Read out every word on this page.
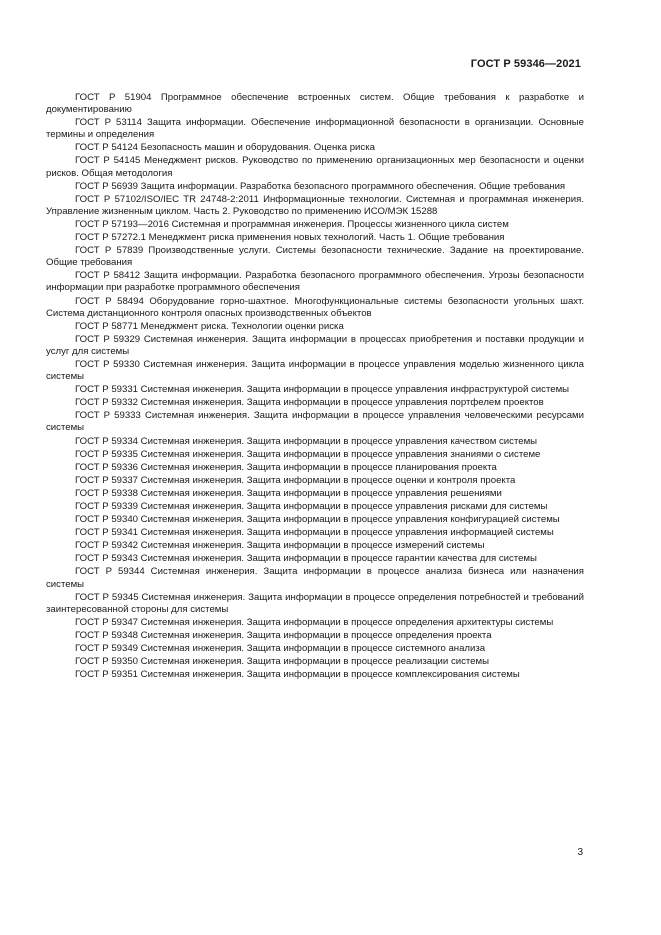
ГОСТ Р 59346—2021

ГОСТ Р 51904 Программное обеспечение встроенных систем. Общие требования к разработке и документированию

ГОСТ Р 53114 Защита информации. Обеспечение информационной безопасности в организации. Основные термины и определения

ГОСТ Р 54124 Безопасность машин и оборудования. Оценка риска

ГОСТ Р 54145 Менеджмент рисков. Руководство по применению организационных мер безопасности и оценки рисков. Общая методология

ГОСТ Р 56939 Защита информации. Разработка безопасного программного обеспечения. Общие требования

ГОСТ Р 57102/ISO/IEC TR 24748-2:2011 Информационные технологии. Системная и программная инженерия. Управление жизненным циклом. Часть 2. Руководство по применению ИСО/МЭК 15288

ГОСТ Р 57193—2016 Системная и программная инженерия. Процессы жизненного цикла систем

ГОСТ Р 57272.1 Менеджмент риска применения новых технологий. Часть 1. Общие требования

ГОСТ Р 57839 Производственные услуги. Системы безопасности технические. Задание на проектирование. Общие требования

ГОСТ Р 58412 Защита информации. Разработка безопасного программного обеспечения. Угрозы безопасности информации при разработке программного обеспечения

ГОСТ Р 58494 Оборудование горно-шахтное. Многофункциональные системы безопасности угольных шахт. Система дистанционного контроля опасных производственных объектов

ГОСТ Р 58771 Менеджмент риска. Технологии оценки риска

ГОСТ Р 59329 Системная инженерия. Защита информации в процессах приобретения и поставки продукции и услуг для системы

ГОСТ Р 59330 Системная инженерия. Защита информации в процессе управления моделью жизненного цикла системы

ГОСТ Р 59331 Системная инженерия. Защита информации в процессе управления инфраструктурой системы

ГОСТ Р 59332 Системная инженерия. Защита информации в процессе управления портфелем проектов

ГОСТ Р 59333 Системная инженерия. Защита информации в процессе управления человеческими ресурсами системы

ГОСТ Р 59334 Системная инженерия. Защита информации в процессе управления качеством системы

ГОСТ Р 59335 Системная инженерия. Защита информации в процессе управления знаниями о системе

ГОСТ Р 59336 Системная инженерия. Защита информации в процессе планирования проекта

ГОСТ Р 59337 Системная инженерия. Защита информации в процессе оценки и контроля проекта

ГОСТ Р 59338 Системная инженерия. Защита информации в процессе управления решениями

ГОСТ Р 59339 Системная инженерия. Защита информации в процессе управления рисками для системы

ГОСТ Р 59340 Системная инженерия. Защита информации в процессе управления конфигурацией системы

ГОСТ Р 59341 Системная инженерия. Защита информации в процессе управления информацией системы

ГОСТ Р 59342 Системная инженерия. Защита информации в процессе измерений системы

ГОСТ Р 59343 Системная инженерия. Защита информации в процессе гарантии качества для системы

ГОСТ Р 59344 Системная инженерия. Защита информации в процессе анализа бизнеса или назначения системы

ГОСТ Р 59345 Системная инженерия. Защита информации в процессе определения потребностей и требований заинтересованной стороны для системы

ГОСТ Р 59347 Системная инженерия. Защита информации в процессе определения архитектуры системы

ГОСТ Р 59348 Системная инженерия. Защита информации в процессе определения проекта

ГОСТ Р 59349 Системная инженерия. Защита информации в процессе системного анализа

ГОСТ Р 59350 Системная инженерия. Защита информации в процессе реализации системы

ГОСТ Р 59351 Системная инженерия. Защита информации в процессе комплексирования системы

3
